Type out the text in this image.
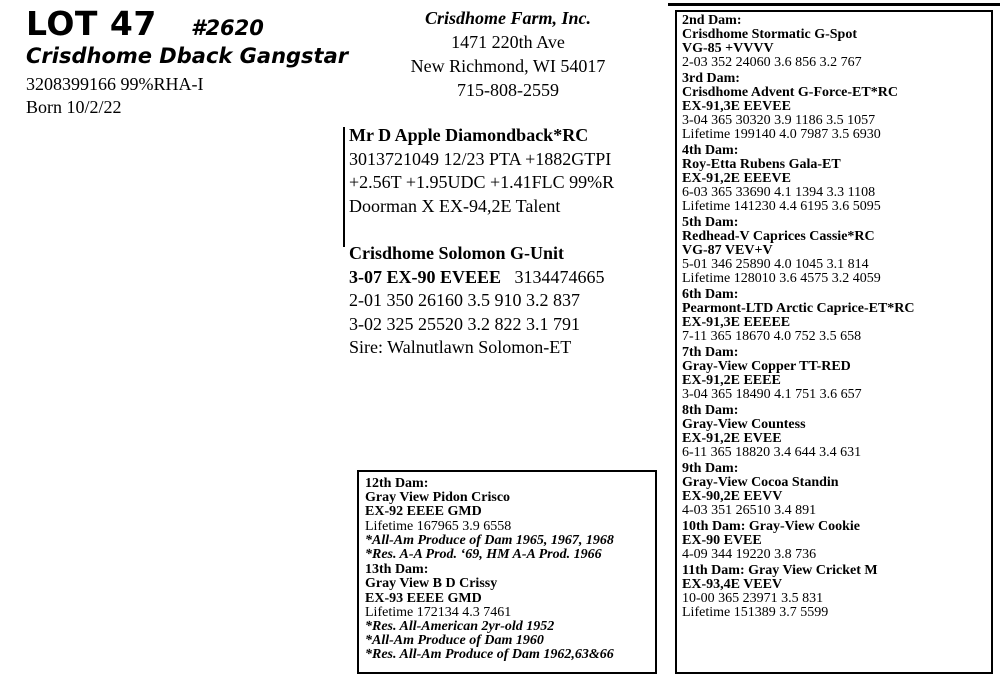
LOT 47 #2620
Crisdhome Dback Gangstar
3208399166 99%RHA-I
Born 10/2/22
Crisdhome Farm, Inc.
1471 220th Ave
New Richmond, WI 54017
715-808-2559
Mr D Apple Diamondback*RC
3013721049 12/23 PTA +1882GTPI
+2.56T +1.95UDC +1.41FLC 99%R
Doorman X EX-94,2E Talent
Crisdhome Solomon G-Unit
3-07 EX-90 EVEEE 3134474665
2-01 350 26160 3.5 910 3.2 837
3-02 325 25520 3.2 822 3.1 791
Sire: Walnutlawn Solomon-ET
2nd Dam:
Crisdhome Stormatic G-Spot
VG-85 +VVVV
2-03 352 24060 3.6 856 3.2 767
3rd Dam:
Crisdhome Advent G-Force-ET*RC
EX-91,3E EEVEE
3-04 365 30320 3.9 1186 3.5 1057
Lifetime 199140 4.0 7987 3.5 6930
4th Dam:
Roy-Etta Rubens Gala-ET
EX-91,2E EEEVE
6-03 365 33690 4.1 1394 3.3 1108
Lifetime 141230 4.4 6195 3.6 5095
5th Dam:
Redhead-V Caprices Cassie*RC
VG-87 VEV+V
5-01 346 25890 4.0 1045 3.1 814
Lifetime 128010 3.6 4575 3.2 4059
6th Dam:
Pearmont-LTD Arctic Caprice-ET*RC
EX-91,3E EEEEE
7-11 365 18670 4.0 752 3.5 658
7th Dam:
Gray-View Copper TT-RED
EX-91,2E EEEE
3-04 365 18490 4.1 751 3.6 657
8th Dam:
Gray-View Countess
EX-91,2E EVEE
6-11 365 18820 3.4 644 3.4 631
9th Dam:
Gray-View Cocoa Standin
EX-90,2E EEVV
4-03 351 26510 3.4 891
10th Dam: Gray-View Cookie
EX-90 EVEE
4-09 344 19220 3.8 736
11th Dam: Gray View Cricket M
EX-93,4E VEEV
10-00 365 23971 3.5 831
Lifetime 151389 3.7 5599
12th Dam:
Gray View Pidon Crisco
EX-92 EEEE GMD
Lifetime 167965 3.9 6558
*All-Am Produce of Dam 1965, 1967, 1968
*Res. A-A Prod. ‘69, HM A-A Prod. 1966
13th Dam:
Gray View B D Crissy
EX-93 EEEE GMD
Lifetime 172134 4.3 7461
*Res. All-American 2yr-old 1952
*All-Am Produce of Dam 1960
*Res. All-Am Produce of Dam 1962,63&66
